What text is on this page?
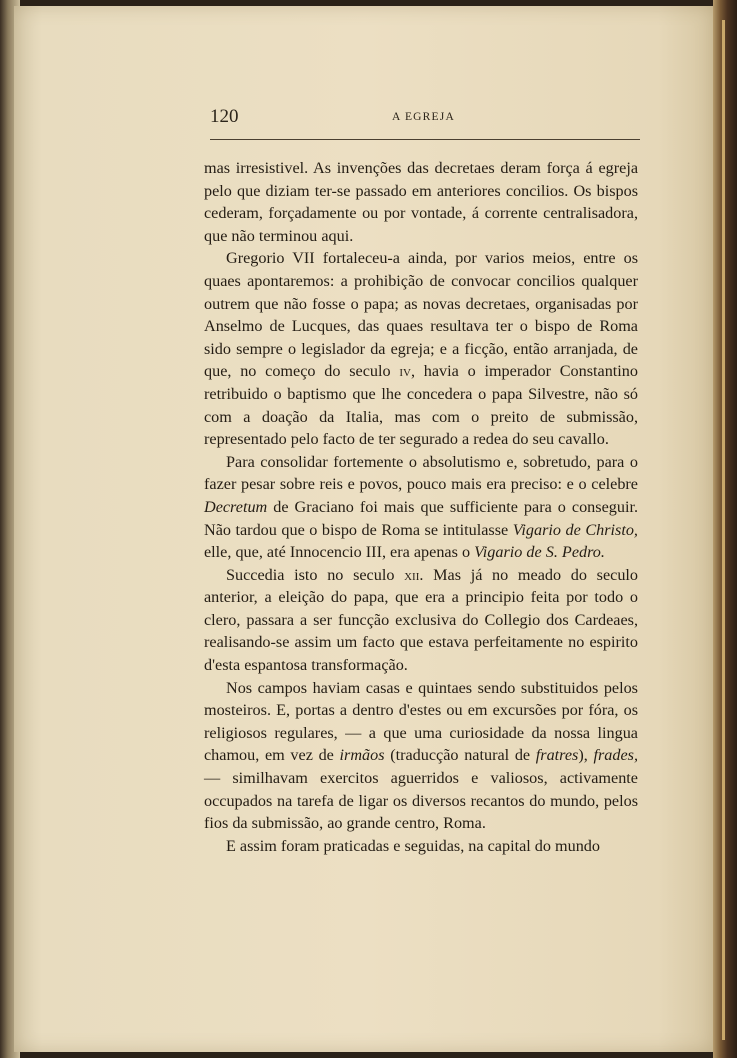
120	A EGREJA

mas irresistivel. As invenções das decretaes deram força á egreja pelo que diziam ter-se passado em anteriores concilios. Os bispos cederam, forçadamente ou por vontade, á corrente centralisadora, que não terminou aqui.

Gregorio VII fortaleceu-a ainda, por varios meios, entre os quaes apontaremos: a prohibição de convocar concilios qualquer outrem que não fosse o papa; as novas decretaes, organisadas por Anselmo de Lucques, das quaes resultava ter o bispo de Roma sido sempre o legislador da egreja; e a ficção, então arranjada, de que, no começo do seculo iv, havia o imperador Constantino retribuido o baptismo que lhe concedera o papa Silvestre, não só com a doação da Italia, mas com o preito de submissão, representado pelo facto de ter segurado a redea do seu cavallo.

Para consolidar fortemente o absolutismo e, sobretudo, para o fazer pesar sobre reis e povos, pouco mais era preciso: e o celebre Decretum de Graciano foi mais que sufficiente para o conseguir. Não tardou que o bispo de Roma se intitulasse Vigario de Christo, elle, que, até Innocencio III, era apenas o Vigario de S. Pedro.

Succedia isto no seculo xii. Mas já no meado do seculo anterior, a eleição do papa, que era a principio feita por todo o clero, passara a ser funcção exclusiva do Collegio dos Cardeaes, realisando-se assim um facto que estava perfeitamente no espirito d'esta espantosa transformação.

Nos campos haviam casas e quintaes sendo substituidos pelos mosteiros. E, portas a dentro d'estes ou em excursões por fóra, os religiosos regulares, — a que uma curiosidade da nossa lingua chamou, em vez de irmãos (traducção natural de fratres), frades, — similhavam exercitos aguerridos e valiosos, activamente occupados na tarefa de ligar os diversos recantos do mundo, pelos fios da submissão, ao grande centro, Roma.

E assim foram praticadas e seguidas, na capital do mundo
